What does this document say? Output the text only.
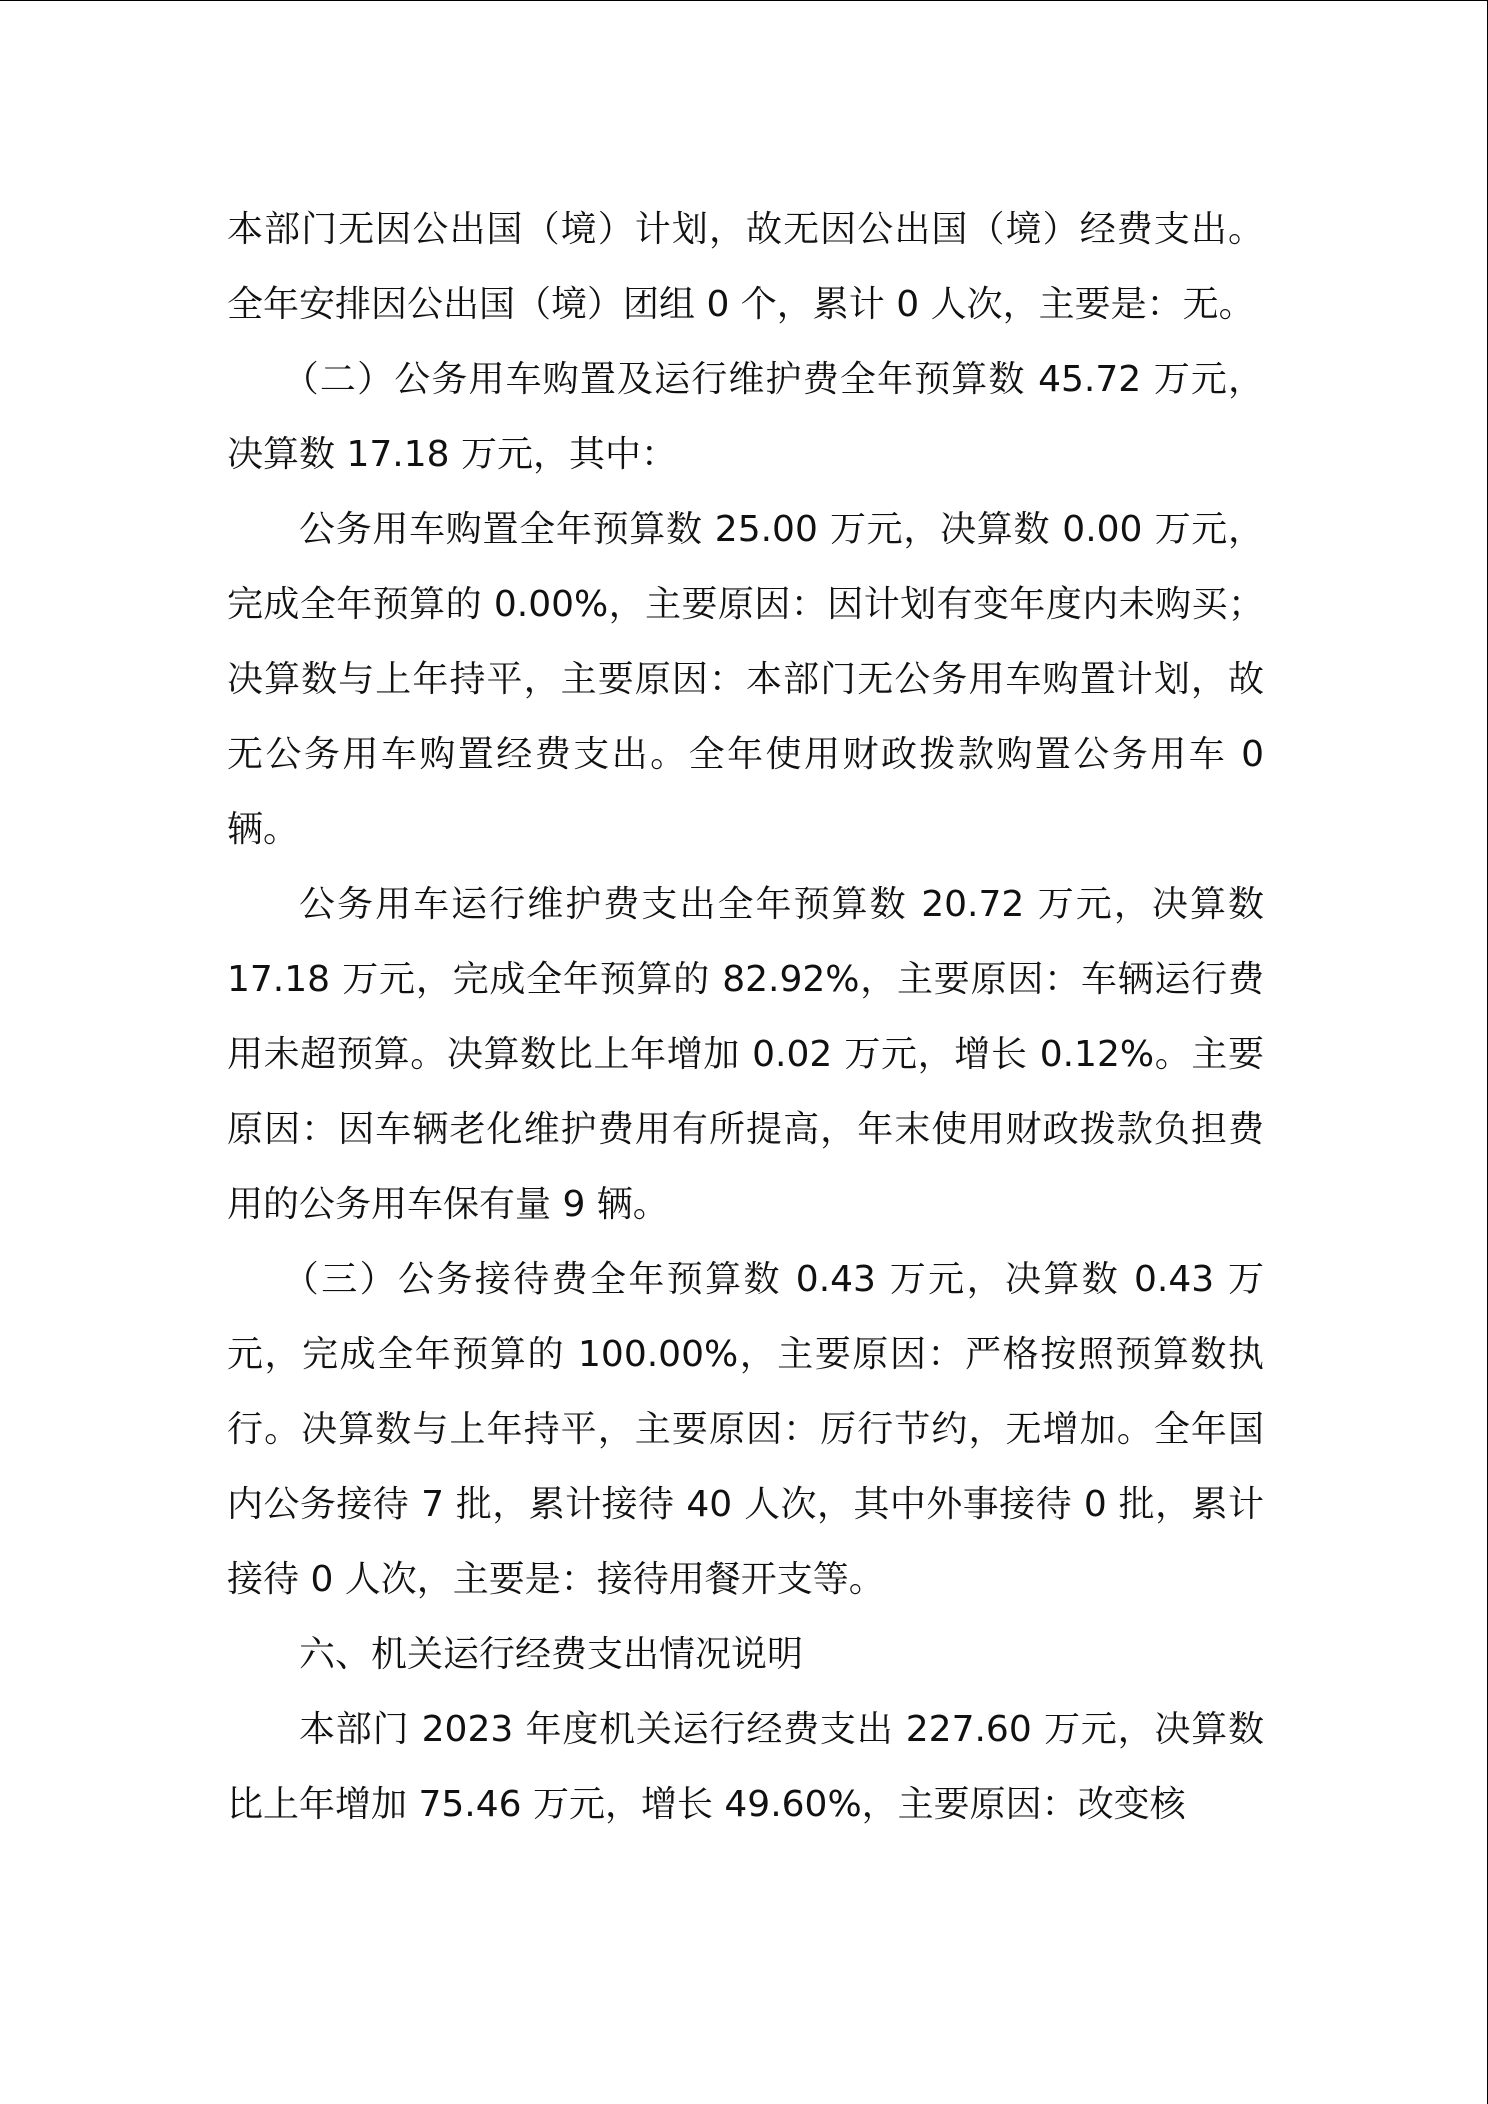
本部门无因公出国（境）计划，故无因公出国（境）经费支出。全年安排因公出国（境）团组 0 个，累计 0 人次，主要是：无。

（二）公务用车购置及运行维护费全年预算数 45.72 万元，决算数 17.18 万元，其中：

公务用车购置全年预算数 25.00 万元，决算数 0.00 万元，完成全年预算的 0.00%，主要原因：因计划有变年度内未购买；决算数与上年持平，主要原因：本部门无公务用车购置计划，故无公务用车购置经费支出。全年使用财政拨款购置公务用车 0 辆。

公务用车运行维护费支出全年预算数 20.72 万元，决算数 17.18 万元，完成全年预算的 82.92%，主要原因：车辆运行费用未超预算。决算数比上年增加 0.02 万元，增长 0.12%。主要原因：因车辆老化维护费用有所提高，年末使用财政拨款负担费用的公务用车保有量 9 辆。

（三）公务接待费全年预算数 0.43 万元，决算数 0.43 万元，完成全年预算的 100.00%，主要原因：严格按照预算数执行。决算数与上年持平，主要原因：厉行节约，无增加。全年国内公务接待 7 批，累计接待 40 人次，其中外事接待 0 批，累计接待 0 人次，主要是：接待用餐开支等。

六、机关运行经费支出情况说明

本部门 2023 年度机关运行经费支出 227.60 万元，决算数比上年增加 75.46 万元，增长 49.60%，主要原因：改变核
